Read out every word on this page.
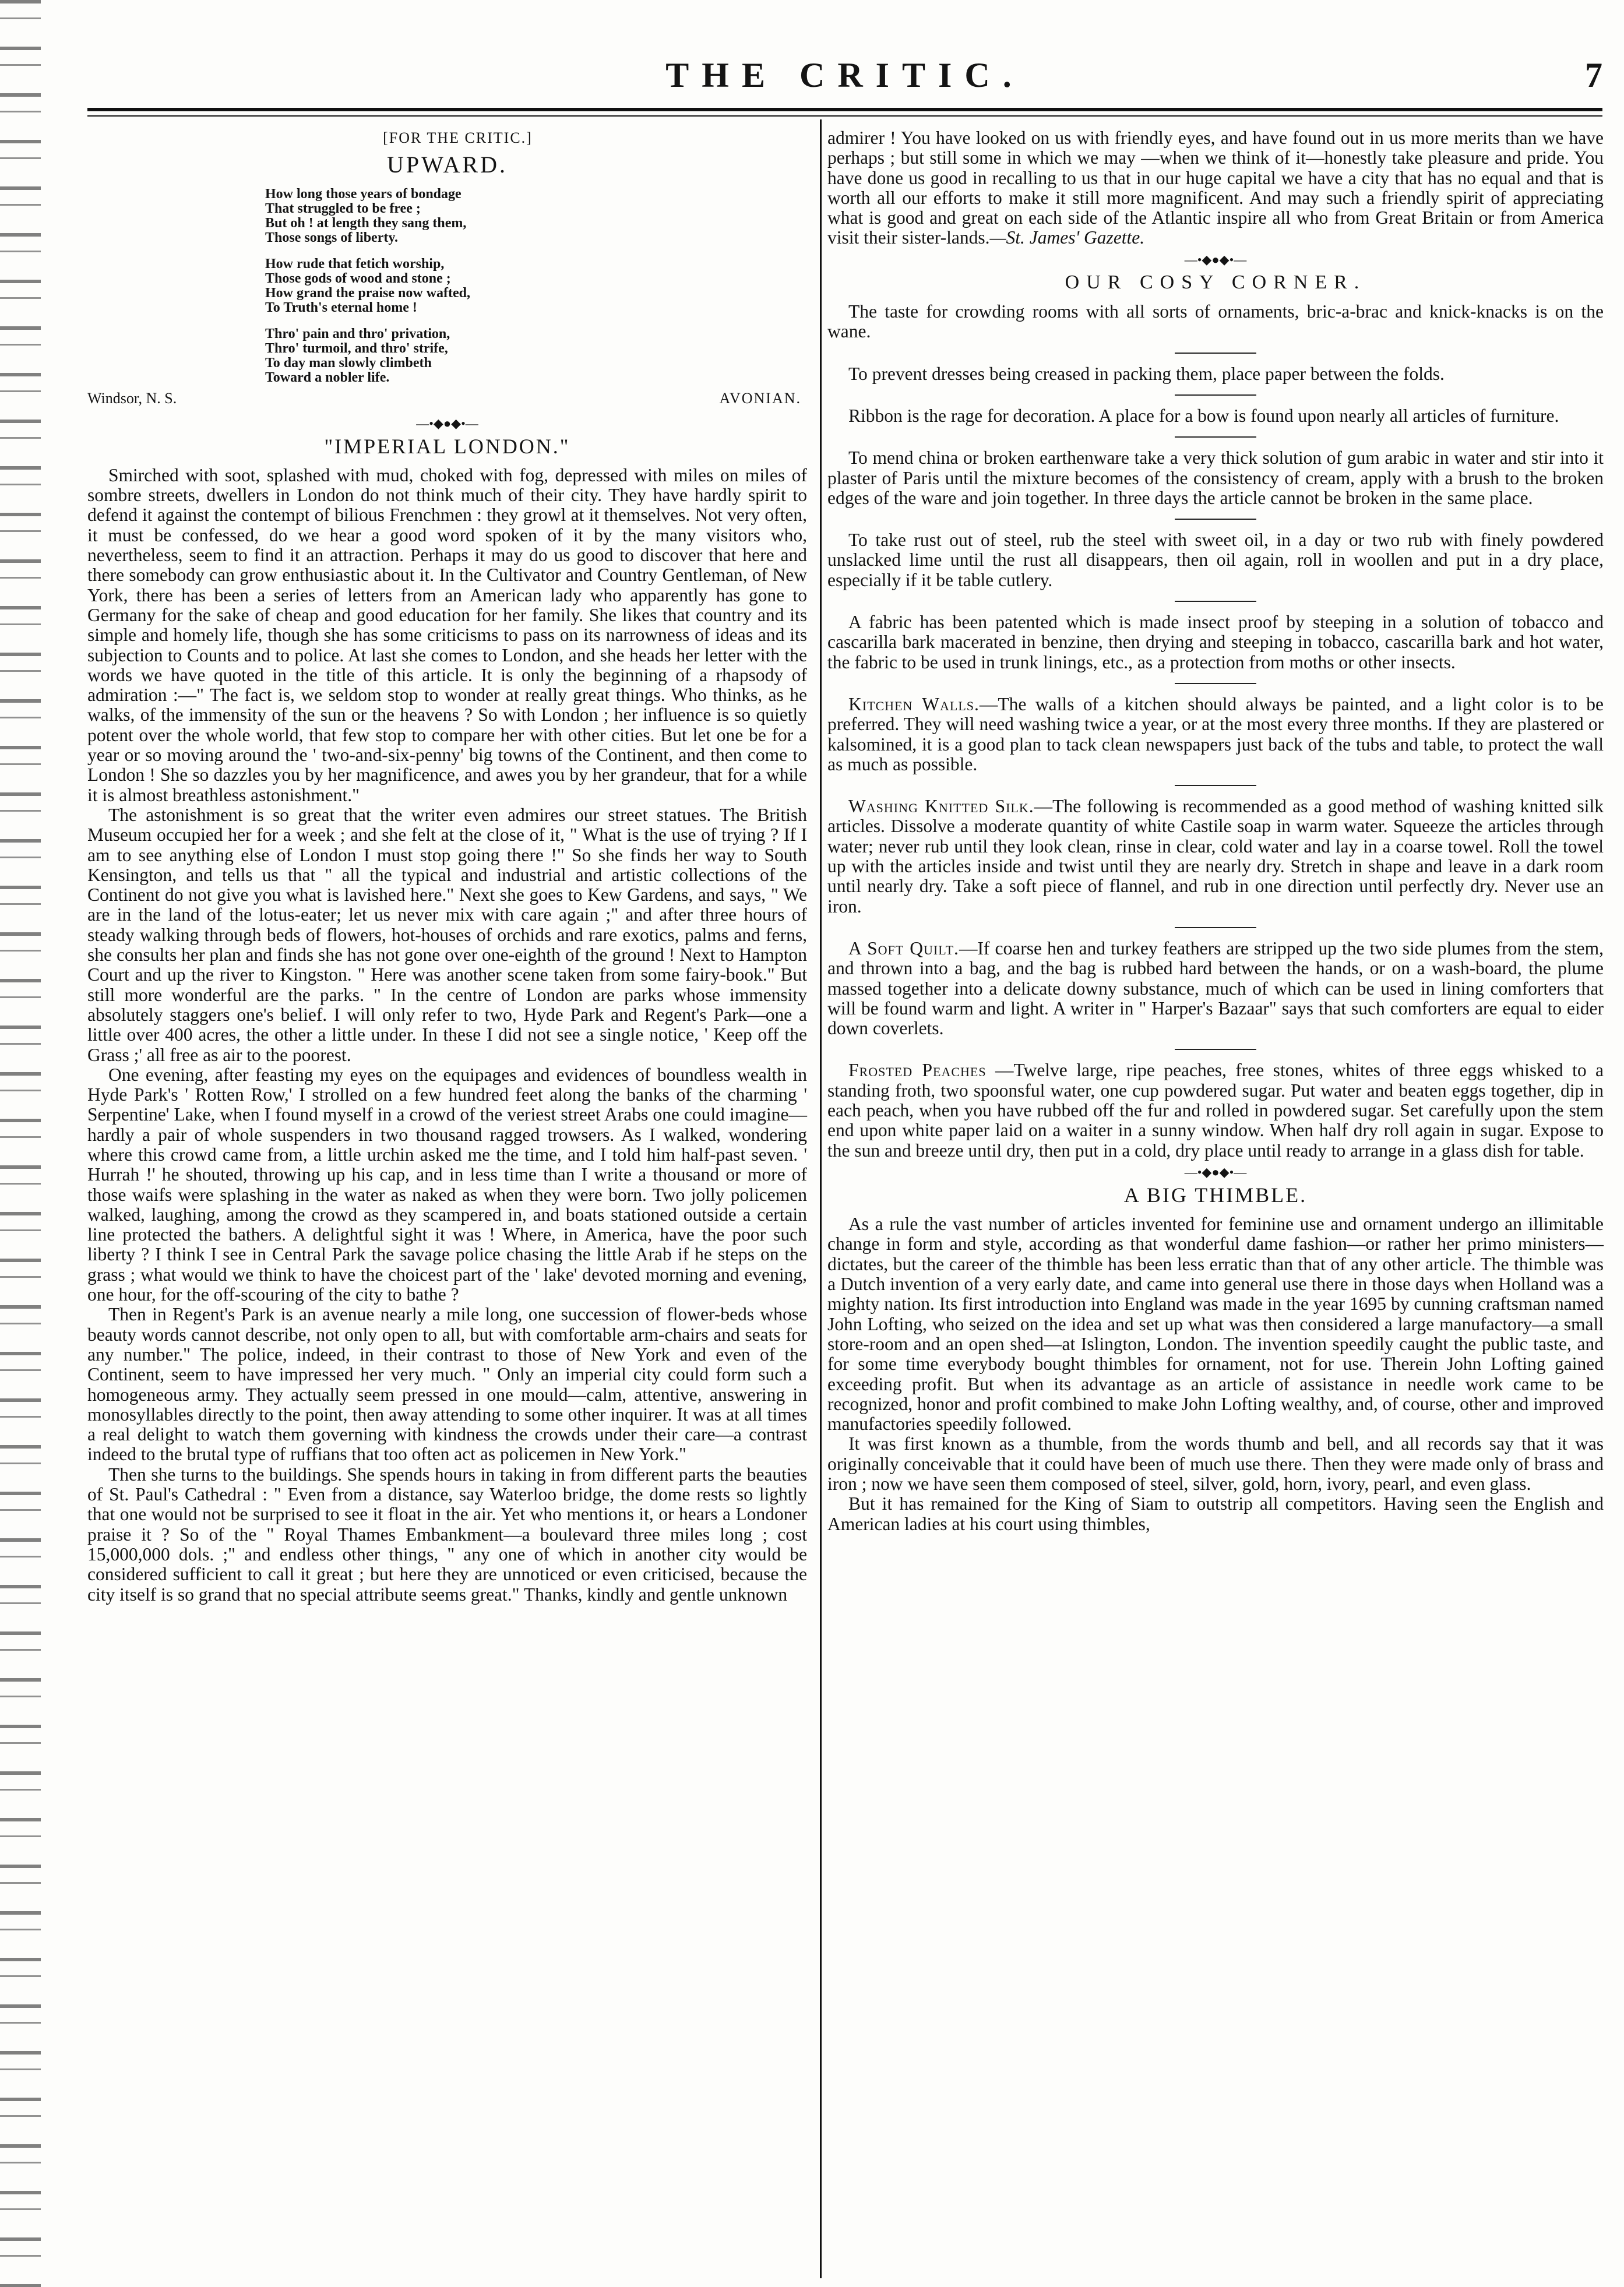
THE CRITIC.	7

[FOR THE CRITIC.]

UPWARD.
How long those years of bondage
That struggled to be free ;
But oh ! at length they sang them,
Those songs of liberty.
How rude that fetich worship,
Those gods of wood and stone ;
How grand the praise now wafted,
To Truth's eternal home !
Thro' pain and thro' privation,
Thro' turmoil, and thro' strife,
To day man slowly climbeth
Toward a nobler life.
Windsor, N. S.	AVONIAN.
—•◆●◆•—
"IMPERIAL LONDON."

Smirched with soot, splashed with mud, choked with fog, depressed with miles on miles of sombre streets, dwellers in London do not think much of their city. They have hardly spirit to defend it against the contempt of bilious Frenchmen : they growl at it themselves. Not very often, it must be confessed, do we hear a good word spoken of it by the many visitors who, nevertheless, seem to find it an attraction. Perhaps it may do us good to discover that here and there somebody can grow enthusiastic about it. In the Cultivator and Country Gentleman, of New York, there has been a series of letters from an American lady who apparently has gone to Germany for the sake of cheap and good education for her family. She likes that country and its simple and homely life, though she has some criticisms to pass on its narrowness of ideas and its subjection to Counts and to police. At last she comes to London, and she heads her letter with the words we have quoted in the title of this article. It is only the beginning of a rhapsody of admiration :—" The fact is, we seldom stop to wonder at really great things. Who thinks, as he walks, of the immensity of the sun or the heavens ? So with London ; her influence is so quietly potent over the whole world, that few stop to compare her with other cities. But let one be for a year or so moving around the ' two-and-six-penny' big towns of the Continent, and then come to London ! She so dazzles you by her magnificence, and awes you by her grandeur, that for a while it is almost breathless astonishment."

The astonishment is so great that the writer even admires our street statues. The British Museum occupied her for a week ; and she felt at the close of it, " What is the use of trying ? If I am to see anything else of London I must stop going there !" So she finds her way to South Kensington, and tells us that " all the typical and industrial and artistic collections of the Continent do not give you what is lavished here." Next she goes to Kew Gardens, and says, " We are in the land of the lotus-eater; let us never mix with care again ;" and after three hours of steady walking through beds of flowers, hot-houses of orchids and rare exotics, palms and ferns, she consults her plan and finds she has not gone over one-eighth of the ground ! Next to Hampton Court and up the river to Kingston. " Here was another scene taken from some fairy-book." But still more wonderful are the parks. " In the centre of London are parks whose immensity absolutely staggers one's belief. I will only refer to two, Hyde Park and Regent's Park—one a little over 400 acres, the other a little under. In these I did not see a single notice, ' Keep off the Grass ;' all free as air to the poorest.

One evening, after feasting my eyes on the equipages and evidences of boundless wealth in Hyde Park's ' Rotten Row,' I strolled on a few hundred feet along the banks of the charming ' Serpentine' Lake, when I found myself in a crowd of the veriest street Arabs one could imagine—hardly a pair of whole suspenders in two thousand ragged trowsers. As I walked, wondering where this crowd came from, a little urchin asked me the time, and I told him half-past seven. ' Hurrah !' he shouted, throwing up his cap, and in less time than I write a thousand or more of those waifs were splashing in the water as naked as when they were born. Two jolly policemen walked, laughing, among the crowd as they scampered in, and boats stationed outside a certain line protected the bathers. A delightful sight it was ! Where, in America, have the poor such liberty ? I think I see in Central Park the savage police chasing the little Arab if he steps on the grass ; what would we think to have the choicest part of the ' lake' devoted morning and evening, one hour, for the off-scouring of the city to bathe ?

Then in Regent's Park is an avenue nearly a mile long, one succession of flower-beds whose beauty words cannot describe, not only open to all, but with comfortable arm-chairs and seats for any number." The police, indeed, in their contrast to those of New York and even of the Continent, seem to have impressed her very much. " Only an imperial city could form such a homogeneous army. They actually seem pressed in one mould—calm, attentive, answering in monosyllables directly to the point, then away attending to some other inquirer. It was at all times a real delight to watch them governing with kindness the crowds under their care—a contrast indeed to the brutal type of ruffians that too often act as policemen in New York."

Then she turns to the buildings. She spends hours in taking in from different parts the beauties of St. Paul's Cathedral : " Even from a distance, say Waterloo bridge, the dome rests so lightly that one would not be surprised to see it float in the air. Yet who mentions it, or hears a Londoner praise it ? So of the " Royal Thames Embankment—a boulevard three miles long ; cost 15,000,000 dols. ;" and endless other things, " any one of which in another city would be considered sufficient to call it great ; but here they are unnoticed or even criticised, because the city itself is so grand that no special attribute seems great." Thanks, kindly and gentle unknown

admirer ! You have looked on us with friendly eyes, and have found out in us more merits than we have perhaps ; but still some in which we may —when we think of it—honestly take pleasure and pride. You have done us good in recalling to us that in our huge capital we have a city that has no equal and that is worth all our efforts to make it still more magnificent. And may such a friendly spirit of appreciating what is good and great on each side of the Atlantic inspire all who from Great Britain or from America visit their sister-lands.—St. James' Gazette.

—•◆●◆•—
OUR COSY CORNER.

The taste for crowding rooms with all sorts of ornaments, bric-a-brac and knick-knacks is on the wane.

To prevent dresses being creased in packing them, place paper between the folds.

Ribbon is the rage for decoration. A place for a bow is found upon nearly all articles of furniture.

To mend china or broken earthenware take a very thick solution of gum arabic in water and stir into it plaster of Paris until the mixture becomes of the consistency of cream, apply with a brush to the broken edges of the ware and join together. In three days the article cannot be broken in the same place.

To take rust out of steel, rub the steel with sweet oil, in a day or two rub with finely powdered unslacked lime until the rust all disappears, then oil again, roll in woollen and put in a dry place, especially if it be table cutlery.

A fabric has been patented which is made insect proof by steeping in a solution of tobacco and cascarilla bark macerated in benzine, then drying and steeping in tobacco, cascarilla bark and hot water, the fabric to be used in trunk linings, etc., as a protection from moths or other insects.

Kitchen Walls.—The walls of a kitchen should always be painted, and a light color is to be preferred. They will need washing twice a year, or at the most every three months. If they are plastered or kalsomined, it is a good plan to tack clean newspapers just back of the tubs and table, to protect the wall as much as possible.

Washing Knitted Silk.—The following is recommended as a good method of washing knitted silk articles. Dissolve a moderate quantity of white Castile soap in warm water. Squeeze the articles through water; never rub until they look clean, rinse in clear, cold water and lay in a coarse towel. Roll the towel up with the articles inside and twist until they are nearly dry. Stretch in shape and leave in a dark room until nearly dry. Take a soft piece of flannel, and rub in one direction until perfectly dry. Never use an iron.

A Soft Quilt.—If coarse hen and turkey feathers are stripped up the two side plumes from the stem, and thrown into a bag, and the bag is rubbed hard between the hands, or on a wash-board, the plume massed together into a delicate downy substance, much of which can be used in lining comforters that will be found warm and light. A writer in " Harper's Bazaar" says that such comforters are equal to eider down coverlets.

Frosted Peaches —Twelve large, ripe peaches, free stones, whites of three eggs whisked to a standing froth, two spoonsful water, one cup powdered sugar. Put water and beaten eggs together, dip in each peach, when you have rubbed off the fur and rolled in powdered sugar. Set carefully upon the stem end upon white paper laid on a waiter in a sunny window. When half dry roll again in sugar. Expose to the sun and breeze until dry, then put in a cold, dry place until ready to arrange in a glass dish for table.

—•◆●◆•—
A BIG THIMBLE.

As a rule the vast number of articles invented for feminine use and ornament undergo an illimitable change in form and style, according as that wonderful dame fashion—or rather her primo ministers—dictates, but the career of the thimble has been less erratic than that of any other article. The thimble was a Dutch invention of a very early date, and came into general use there in those days when Holland was a mighty nation. Its first introduction into England was made in the year 1695 by cunning craftsman named John Lofting, who seized on the idea and set up what was then considered a large manufactory—a small store-room and an open shed—at Islington, London. The invention speedily caught the public taste, and for some time everybody bought thimbles for ornament, not for use. Therein John Lofting gained exceeding profit. But when its advantage as an article of assistance in needle work came to be recognized, honor and profit combined to make John Lofting wealthy, and, of course, other and improved manufactories speedily followed.

It was first known as a thumble, from the words thumb and bell, and all records say that it was originally conceivable that it could have been of much use there. Then they were made only of brass and iron ; now we have seen them composed of steel, silver, gold, horn, ivory, pearl, and even glass.

But it has remained for the King of Siam to outstrip all competitors. Having seen the English and American ladies at his court using thimbles,
